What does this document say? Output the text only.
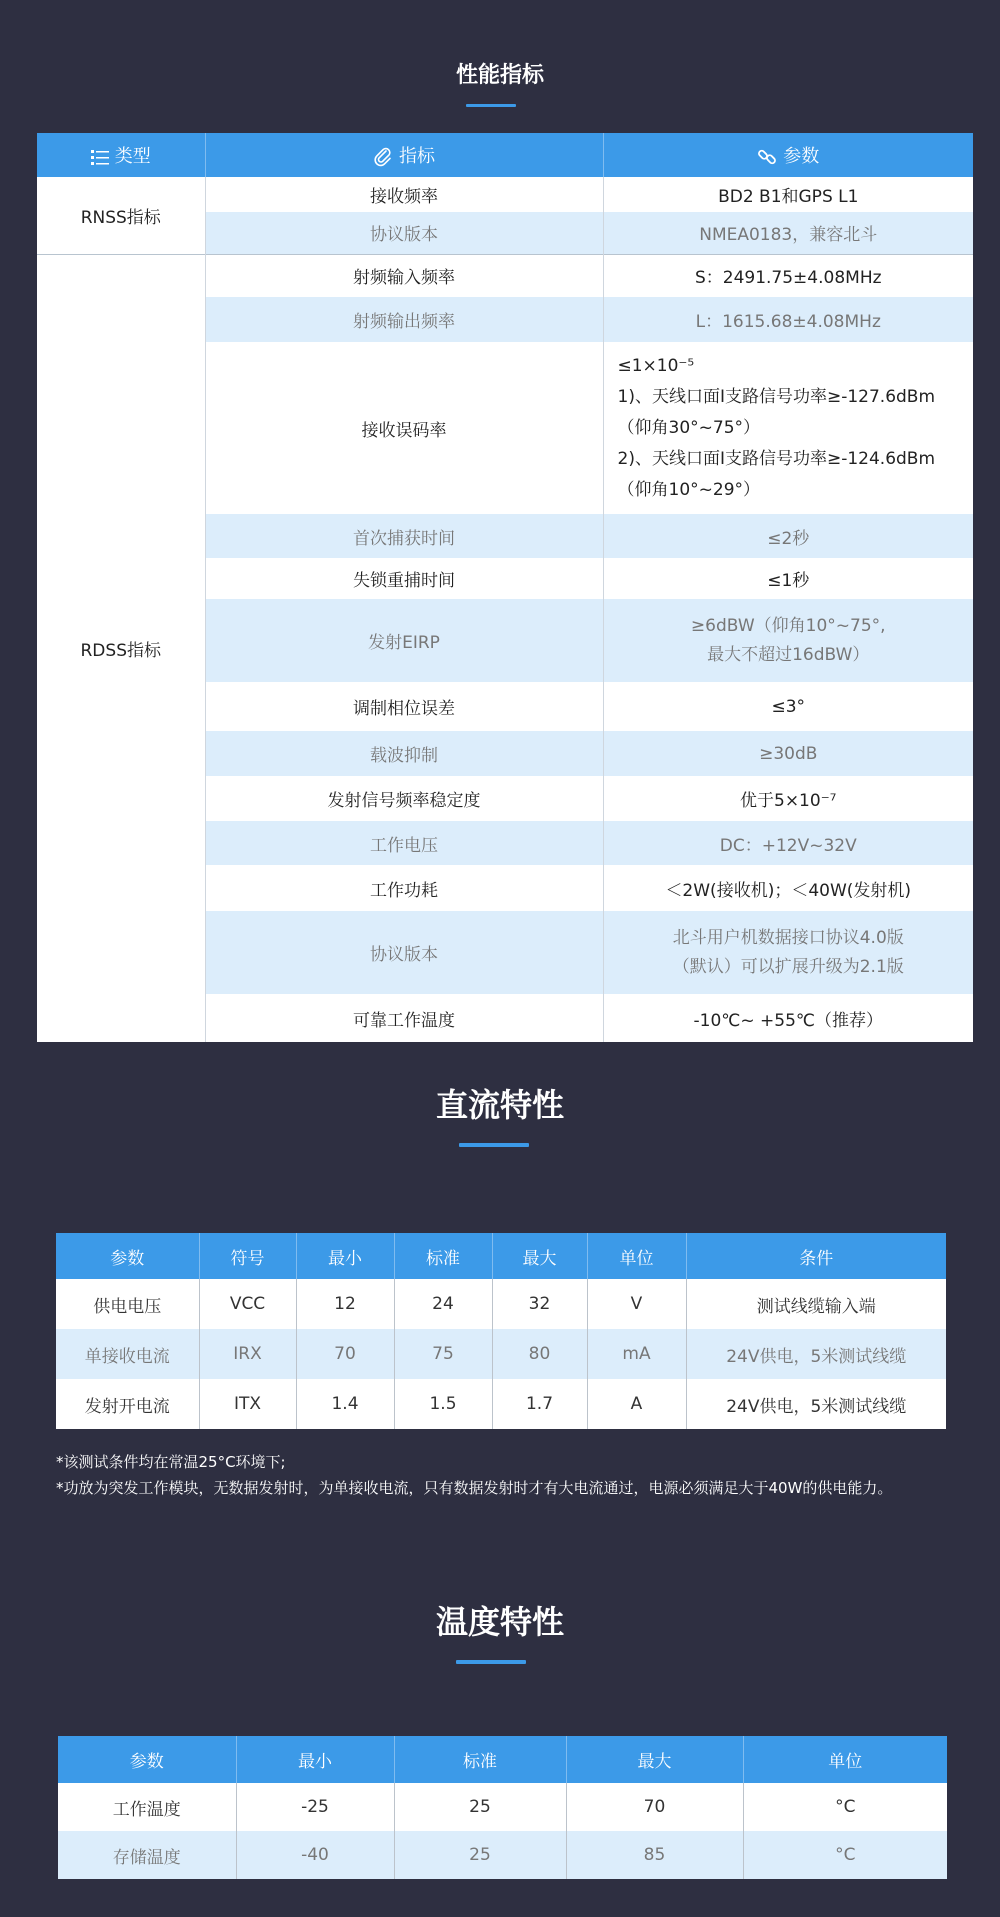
性能指标
类型	指标	参数
RNSS指标	接收频率	BD2 B1和GPS L1
	协议版本	NMEA0183，兼容北斗
RDSS指标	射频输入频率	S：2491.75±4.08MHz
	射频输出频率	L：1615.68±4.08MHz
	接收误码率	≤1×10⁻⁵
1)、天线口面I支路信号功率≥-127.6dBm
（仰角30°~75°）
2)、天线口面I支路信号功率≥-124.6dBm
（仰角10°~29°）

	首次捕获时间	≤2秒
	失锁重捕时间	≤1秒
	发射EIRP	≥6dBW（仰角10°~75°,
最大不超过16dBW）

	调制相位误差	≤3°
	载波抑制	≥30dB
	发射信号频率稳定度	优于5×10⁻⁷
	工作电压	DC：+12V~32V
	工作功耗	＜2W(接收机)；＜40W(发射机)
	协议版本	北斗用户机数据接口协议4.0版
（默认）可以扩展升级为2.1版

	可靠工作温度	-10℃~ +55℃（推荐）
直流特性
参数	符号	最小	标准	最大	单位	条件
供电电压	VCC	12	24	32	V	测试线缆输入端
单接收电流	IRX	70	75	80	mA	24V供电，5米测试线缆
发射开电流	ITX	1.4	1.5	1.7	A	24V供电，5米测试线缆
*该测试条件均在常温25°C环境下;
*功放为突发工作模块，无数据发射时，为单接收电流，只有数据发射时才有大电流通过，电源必须满足大于40W的供电能力。
温度特性
参数	最小	标准	最大	单位
工作温度	-25	25	70	°C
存储温度	-40	25	85	°C
